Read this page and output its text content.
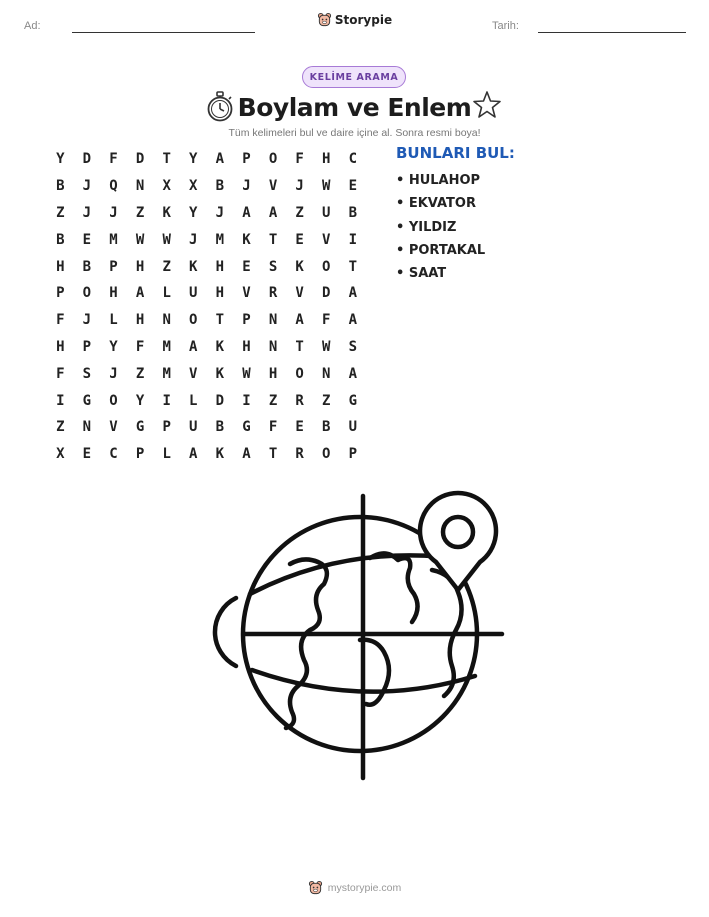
Ad:	Storypie	Tarih:
KELİME ARAMA
Boylam ve Enlem
Tüm kelimeleri bul ve daire içine al. Sonra resmi boya!
Y	D	F	D	T	Y	A	P	O	F	H	C
B	J	Q	N	X	X	B	J	V	J	W	E
Z	J	J	Z	K	Y	J	A	A	Z	U	B
B	E	M	W	W	J	M	K	T	E	V	I
H	B	P	H	Z	K	H	E	S	K	O	T
P	O	H	A	L	U	H	V	R	V	D	A
F	J	L	H	N	O	T	P	N	A	F	A
H	P	Y	F	M	A	K	H	N	T	W	S
F	S	J	Z	M	V	K	W	H	O	N	A
I	G	O	Y	I	L	D	I	Z	R	Z	G
Z	N	V	G	P	U	B	G	F	E	B	U
X	E	C	P	L	A	K	A	T	R	O	P
BUNLARI BUL:
• HULAHOP
• EKVATOR
• YILDIZ
• PORTAKAL
• SAAT
mystorypie.com
